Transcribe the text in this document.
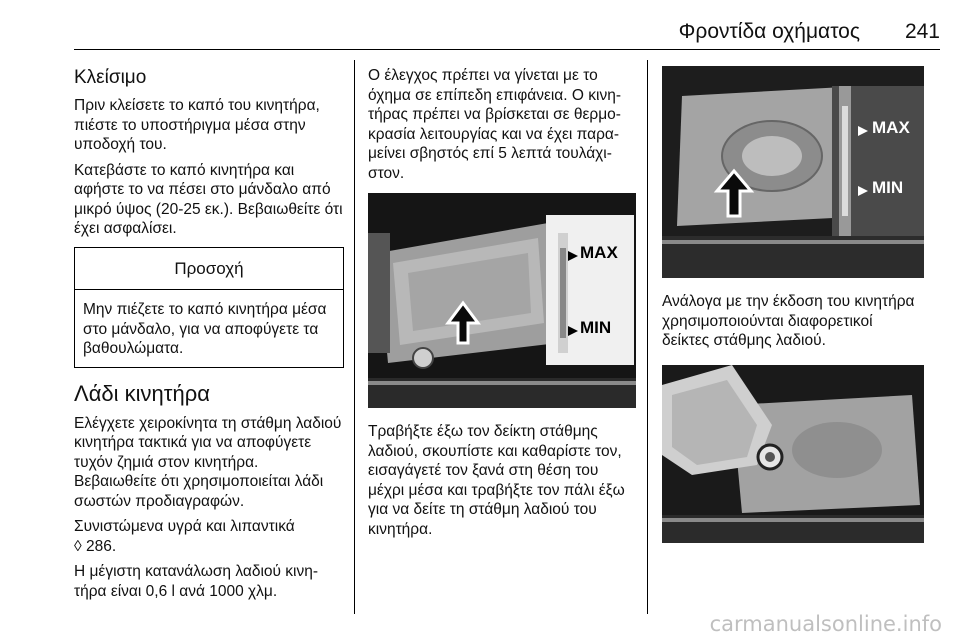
Φροντίδα οχήματος 241
Κλείσιμο

Πριν κλείσετε το καπό του κινητήρα, πιέστε το υποστήριγμα μέσα στην υποδοχή του.

Κατεβάστε το καπό κινητήρα και αφήστε το να πέσει στο μάνδαλο από μικρό ύψος (20-25 εκ.). Βεβαιωθείτε ότι έχει ασφαλίσει.

Προσοχή
Μην πιέζετε το καπό κινητήρα μέσα στο μάνδαλο, για να αποφύγετε τα βαθουλώματα.
Λάδι κινητήρα

Ελέγχετε χειροκίνητα τη στάθμη λαδιού κινητήρα τακτικά για να αποφύγετε τυχόν ζημιά στον κινητήρα. Βεβαιωθείτε ότι χρησιμοποιείται λάδι σωστών προδιαγραφών.

Συνιστώμενα υγρά και λιπαντικά
◊ 286.

Η μέγιστη κατανάλωση λαδιού κινητήρα είναι 0,6 l ανά 1000 χλμ.

Ο έλεγχος πρέπει να γίνεται με το όχημα σε επίπεδη επιφάνεια. Ο κινητήρας πρέπει να βρίσκεται σε θερμοκρασία λειτουργίας και να έχει παραμείνει σβηστός επί 5 λεπτά τουλάχιστον.

MAX
MIN

Τραβήξτε έξω τον δείκτη στάθμης λαδιού, σκουπίστε και καθαρίστε τον, εισαγάγετέ τον ξανά στη θέση του μέχρι μέσα και τραβήξτε τον πάλι έξω για να δείτε τη στάθμη λαδιού του κινητήρα.

MAX
MIN

Ανάλογα με την έκδοση του κινητήρα χρησιμοποιούνται διαφορετικοί δείκτες στάθμης λαδιού.

carmanualsonline.info
